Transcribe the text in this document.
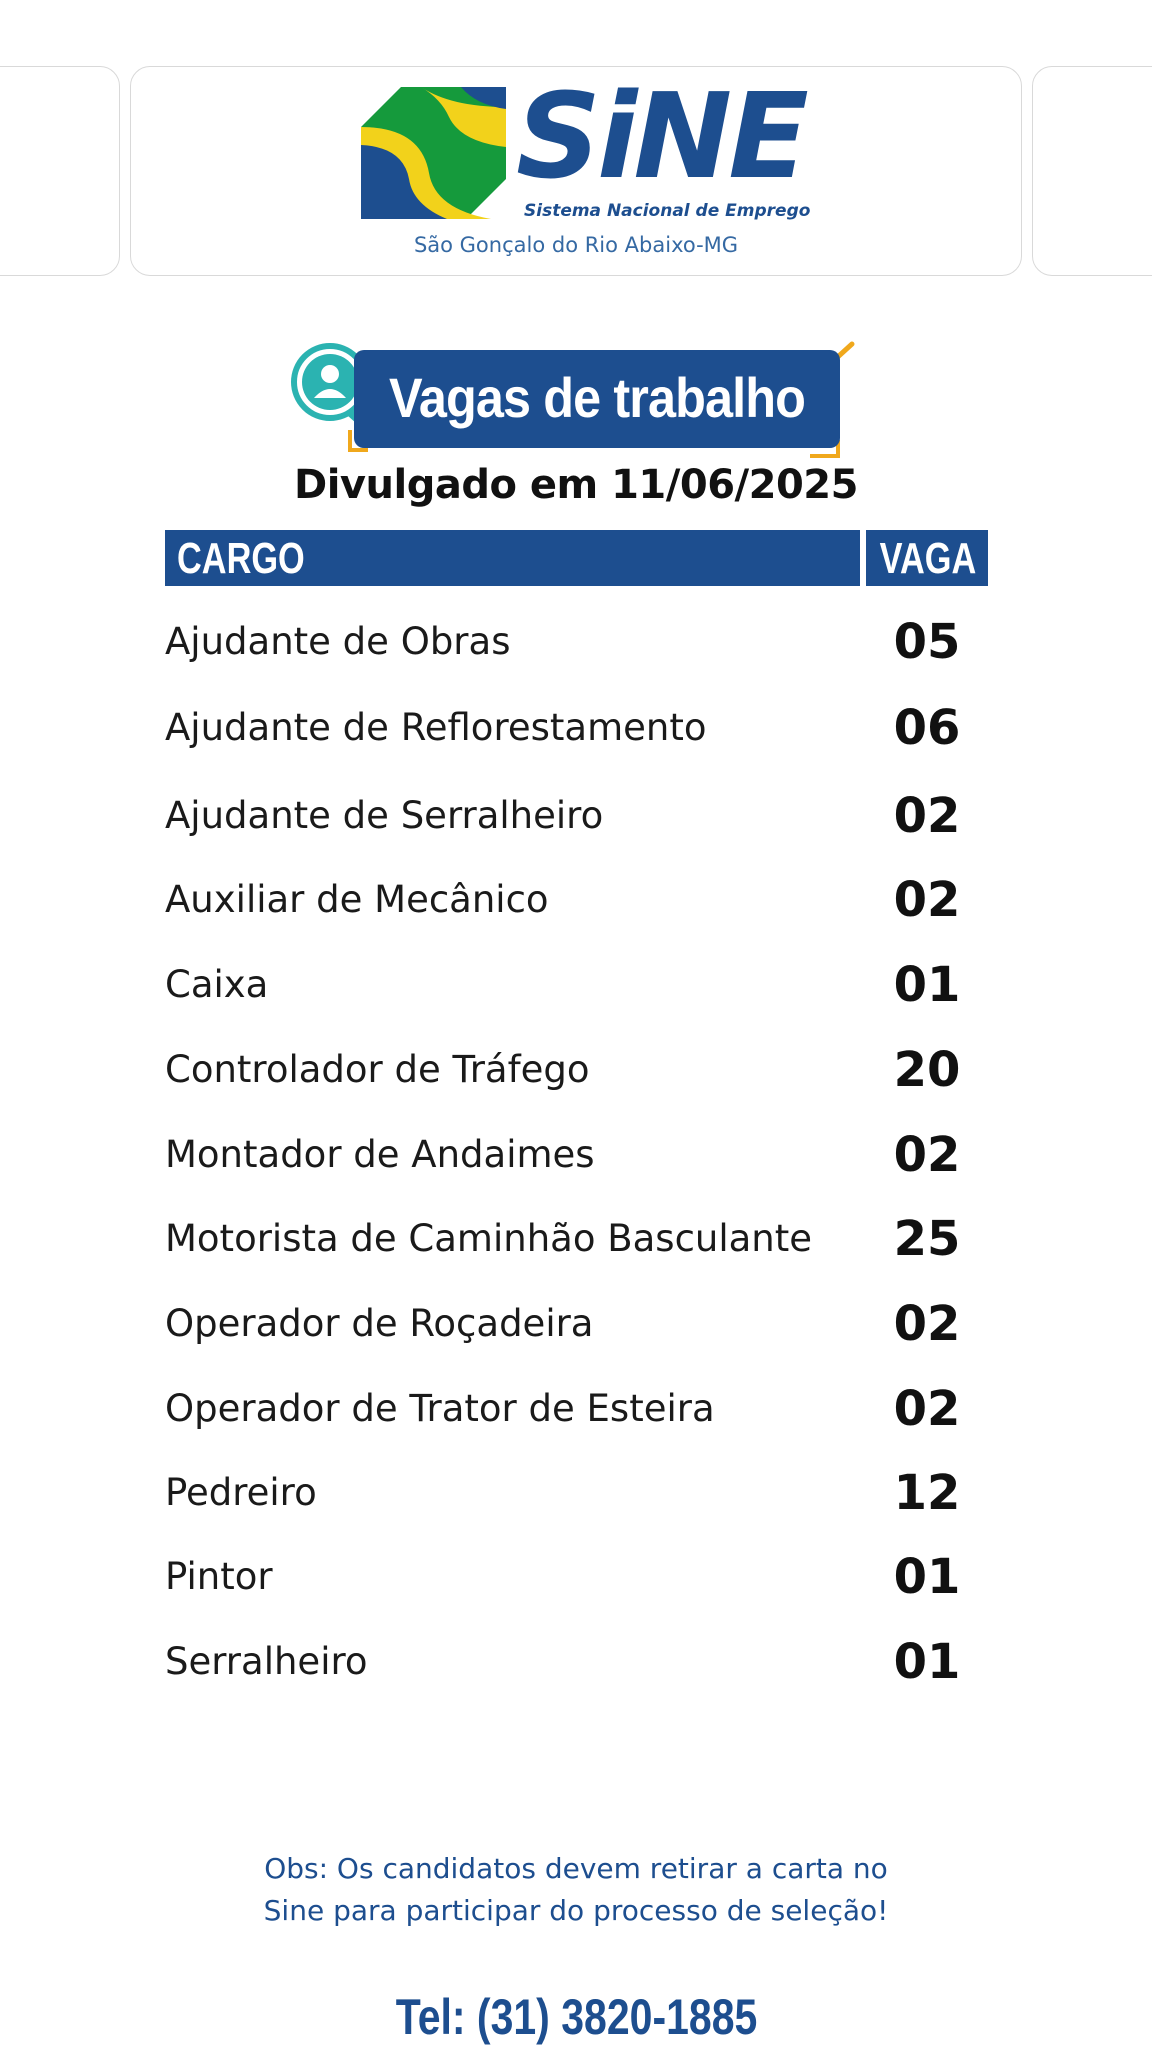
SiNE
Sistema Nacional de Emprego
São Gonçalo do Rio Abaixo-MG
Vagas de trabalho
Divulgado em 11/06/2025
CARGO	VAGA
Ajudante de Obras	05
Ajudante de Reflorestamento	06
Ajudante de Serralheiro	02
Auxiliar de Mecânico	02
Caixa	01
Controlador de Tráfego	20
Montador de Andaimes	02
Motorista de Caminhão Basculante	25
Operador de Roçadeira	02
Operador de Trator de Esteira	02
Pedreiro	12
Pintor	01
Serralheiro	01
Obs: Os candidatos devem retirar a carta no
Sine para participar do processo de seleção!
Tel: (31) 3820-1885
